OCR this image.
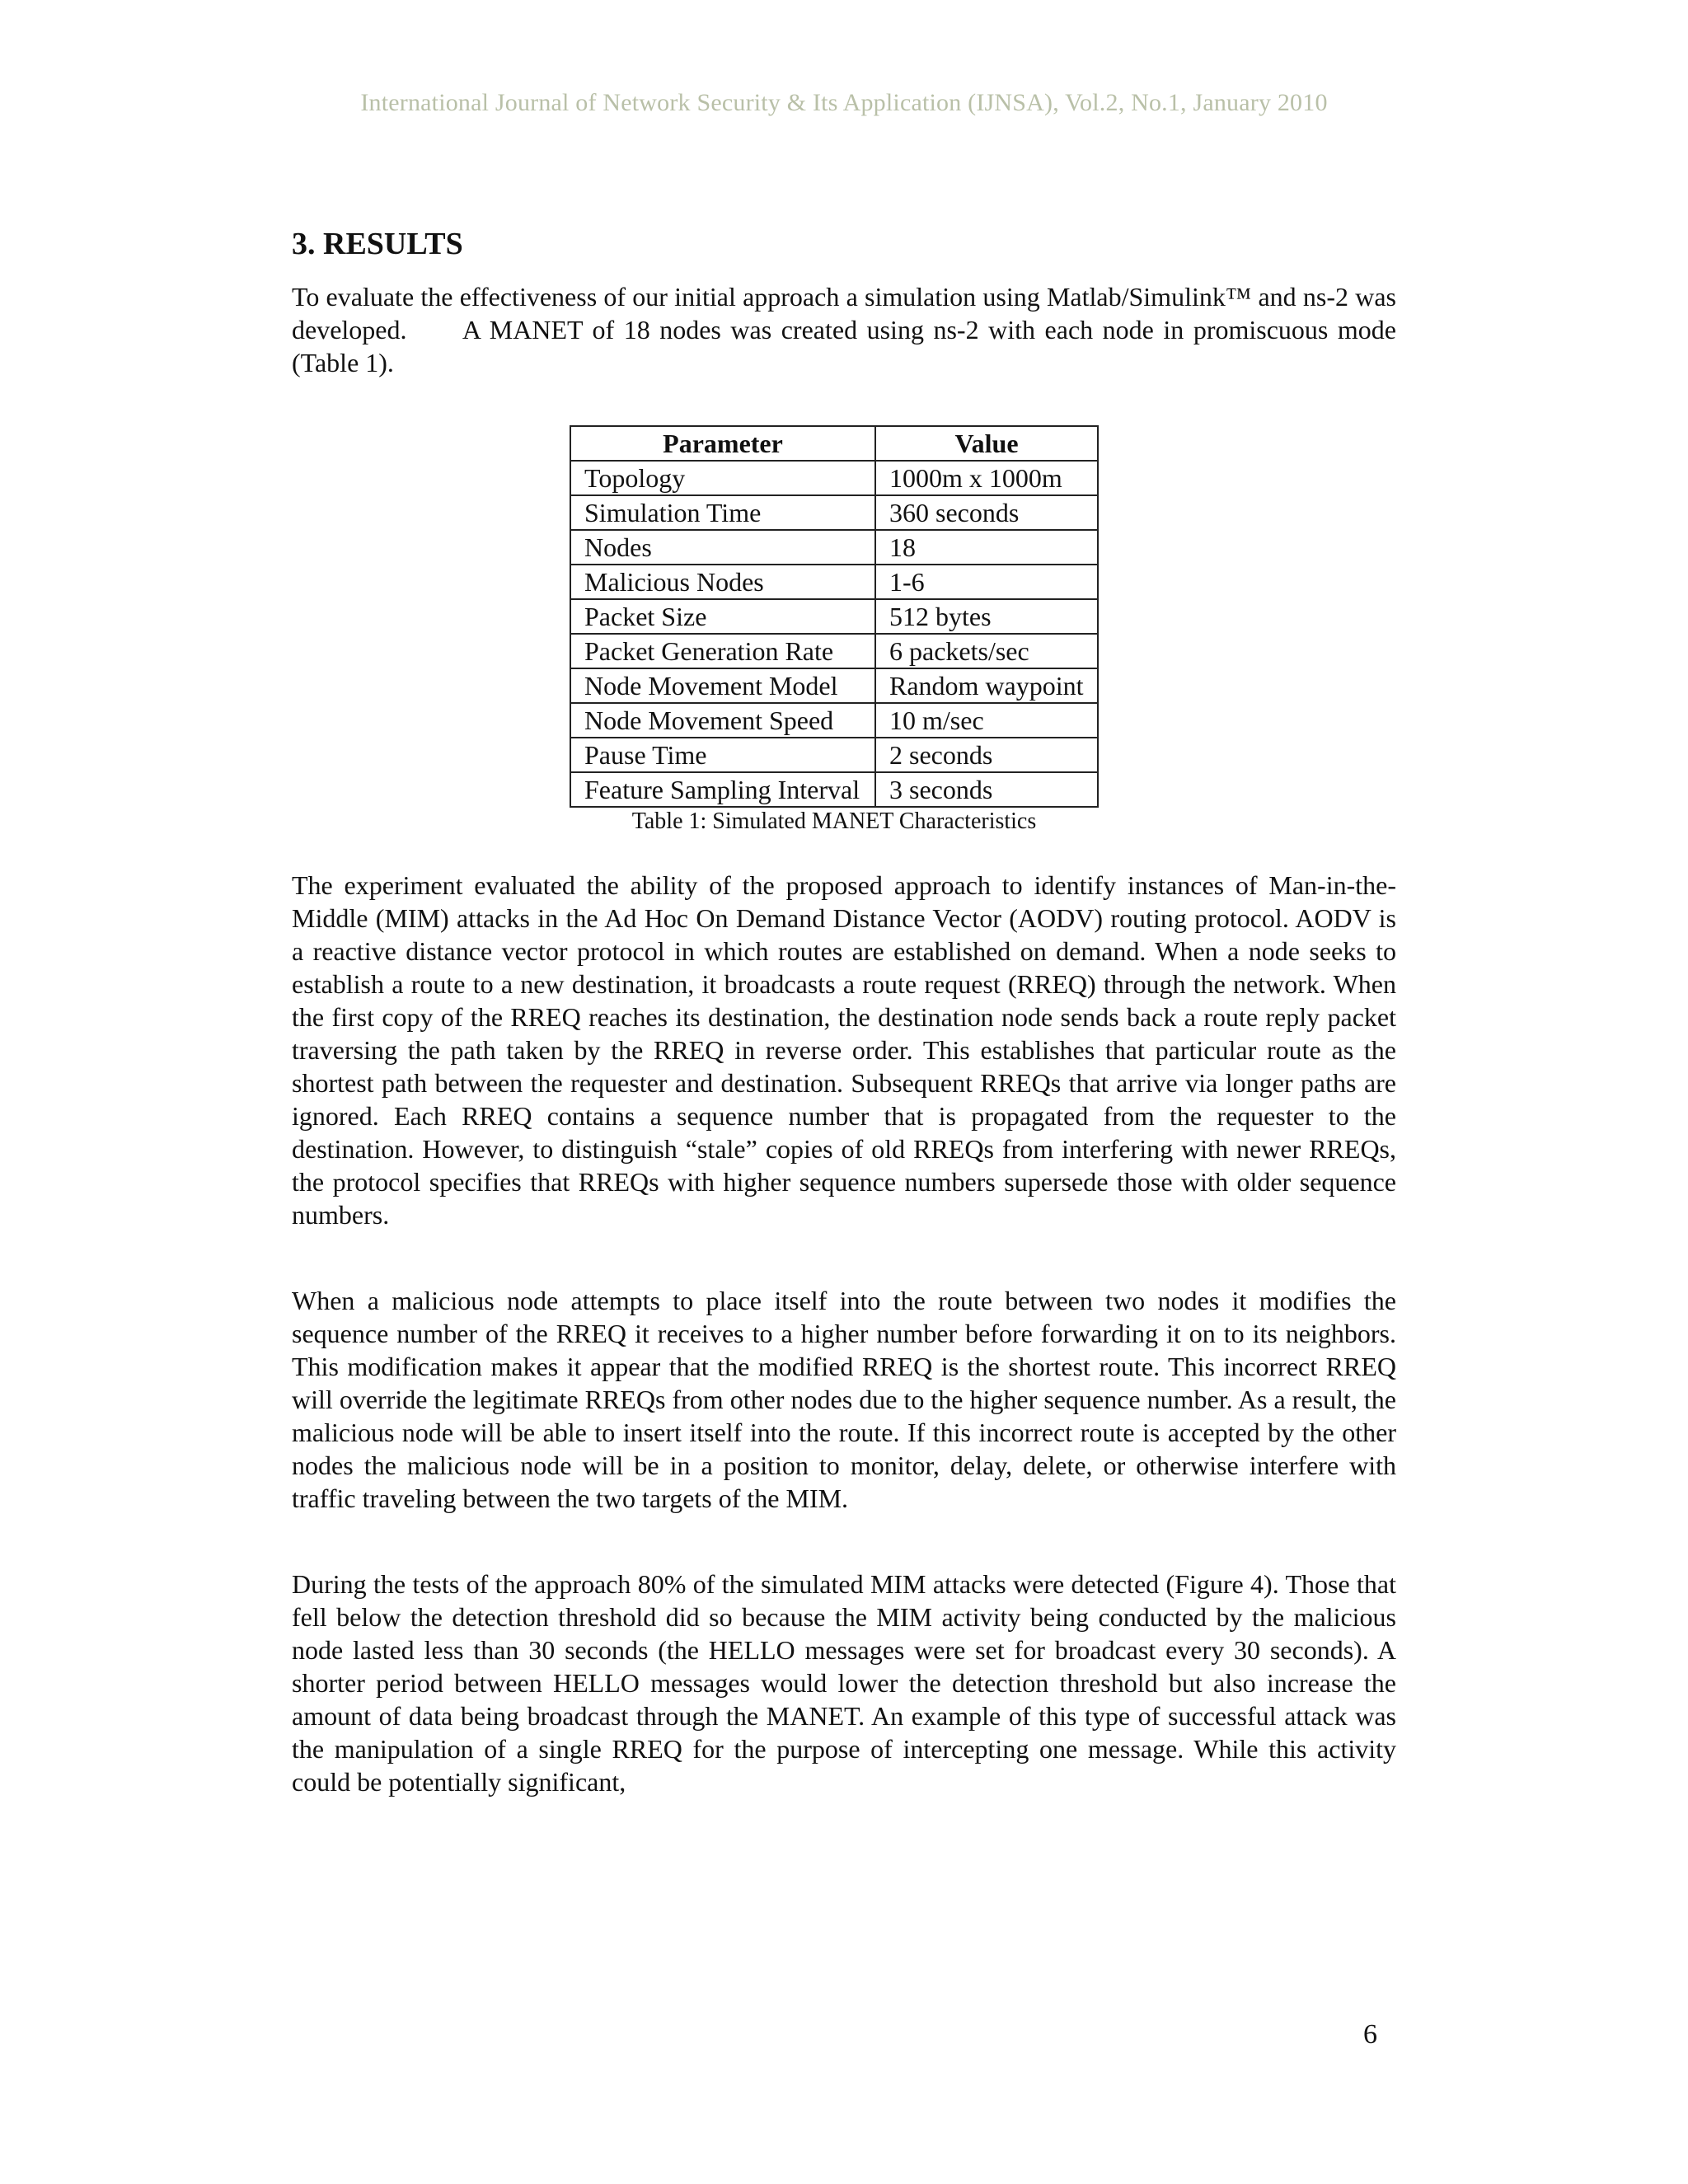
International Journal of Network Security & Its Application (IJNSA), Vol.2, No.1, January 2010
3. RESULTS

To evaluate the effectiveness of our initial approach a simulation using Matlab/Simulink™ and ns-2 was developed.      A MANET of 18 nodes was created using ns-2 with each node in promiscuous mode (Table 1).

Parameter	Value
Topology	1000m x 1000m
Simulation Time	360 seconds
Nodes	18
Malicious Nodes	1-6
Packet Size	512 bytes
Packet Generation Rate	6 packets/sec
Node Movement Model	Random waypoint
Node Movement Speed	10 m/sec
Pause Time	2 seconds
Feature Sampling Interval	3 seconds
Table 1: Simulated MANET Characteristics

The experiment evaluated the ability of the proposed approach to identify instances of Man-in-the-Middle (MIM) attacks in the Ad Hoc On Demand Distance Vector (AODV) routing protocol. AODV is a reactive distance vector protocol in which routes are established on demand. When a node seeks to establish a route to a new destination, it broadcasts a route request (RREQ) through the network. When the first copy of the RREQ reaches its destination, the destination node sends back a route reply packet traversing the path taken by the RREQ in reverse order. This establishes that particular route as the shortest path between the requester and destination. Subsequent RREQs that arrive via longer paths are ignored. Each RREQ contains a sequence number that is propagated from the requester to the destination. However, to distinguish “stale” copies of old RREQs from interfering with newer RREQs, the protocol specifies that RREQs with higher sequence numbers supersede those with older sequence numbers.

When a malicious node attempts to place itself into the route between two nodes it modifies the sequence number of the RREQ it receives to a higher number before forwarding it on to its neighbors. This modification makes it appear that the modified RREQ is the shortest route. This incorrect RREQ will override the legitimate RREQs from other nodes due to the higher sequence number. As a result, the malicious node will be able to insert itself into the route. If this incorrect route is accepted by the other nodes the malicious node will be in a position to monitor, delay, delete, or otherwise interfere with traffic traveling between the two targets of the MIM.

During the tests of the approach 80% of the simulated MIM attacks were detected (Figure 4). Those that fell below the detection threshold did so because the MIM activity being conducted by the malicious node lasted less than 30 seconds (the HELLO messages were set for broadcast every 30 seconds). A shorter period between HELLO messages would lower the detection threshold but also increase the amount of data being broadcast through the MANET. An example of this type of successful attack was the manipulation of a single RREQ for the purpose of intercepting one message. While this activity could be potentially significant,

6
